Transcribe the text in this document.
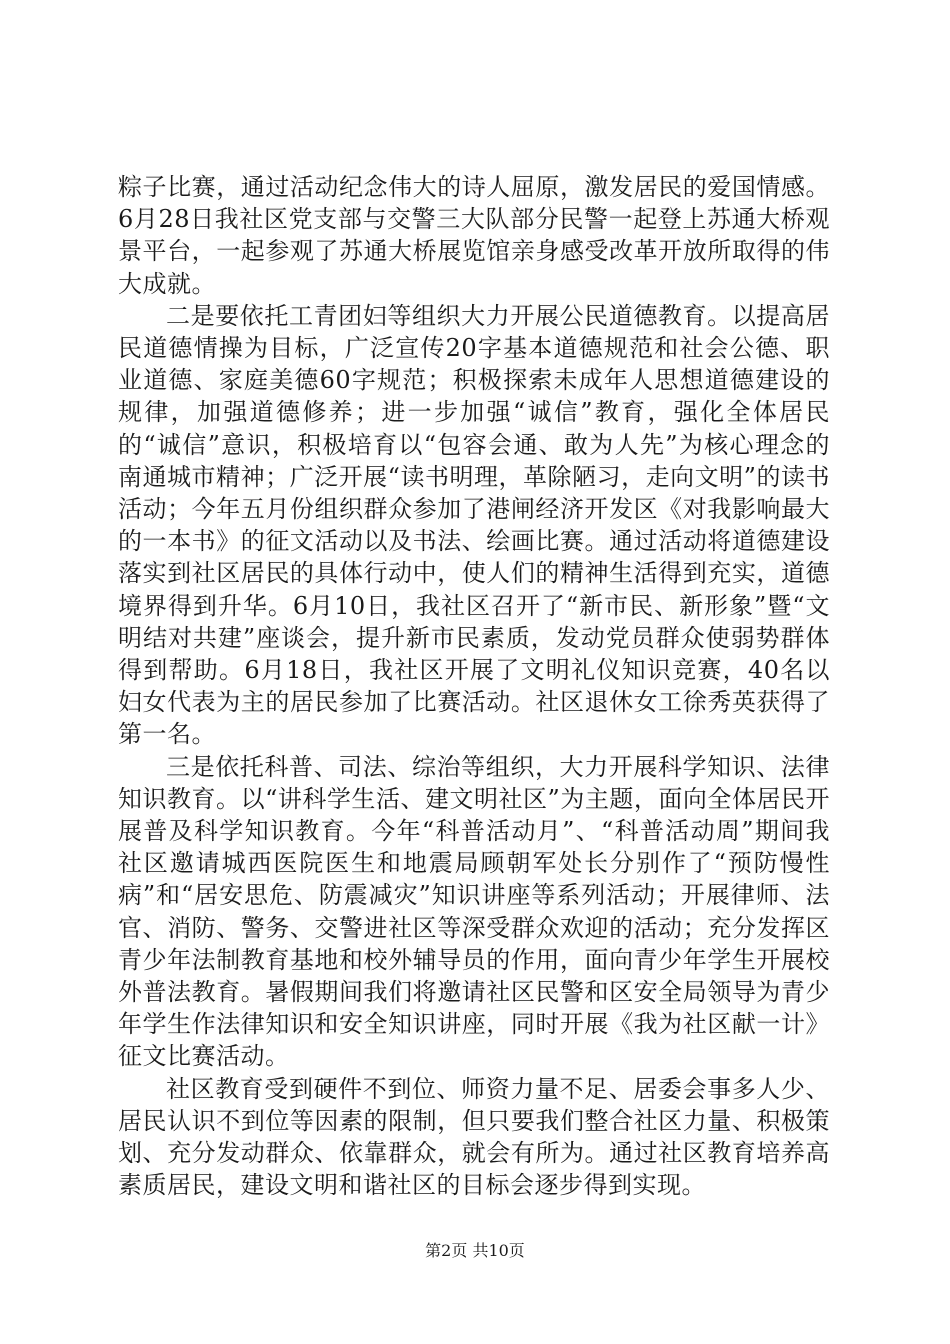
粽子比赛，通过活动纪念伟大的诗人屈原，激发居民的爱国情感。6月28日我社区党支部与交警三大队部分民警一起登上苏通大桥观景平台，一起参观了苏通大桥展览馆亲身感受改革开放所取得的伟大成就。

二是要依托工青团妇等组织大力开展公民道德教育。以提高居民道德情操为目标，广泛宣传20字基本道德规范和社会公德、职业道德、家庭美德60字规范；积极探索未成年人思想道德建设的规律，加强道德修养；进一步加强“诚信”教育，强化全体居民的“诚信”意识，积极培育以“包容会通、敢为人先”为核心理念的南通城市精神；广泛开展“读书明理，革除陋习，走向文明”的读书活动；今年五月份组织群众参加了港闸经济开发区《对我影响最大的一本书》的征文活动以及书法、绘画比赛。通过活动将道德建设落实到社区居民的具体行动中，使人们的精神生活得到充实，道德境界得到升华。6月10日，我社区召开了“新市民、新形象”暨“文明结对共建”座谈会，提升新市民素质，发动党员群众使弱势群体得到帮助。6月18日，我社区开展了文明礼仪知识竞赛，40名以妇女代表为主的居民参加了比赛活动。社区退休女工徐秀英获得了第一名。

三是依托科普、司法、综治等组织，大力开展科学知识、法律知识教育。以“讲科学生活、建文明社区”为主题，面向全体居民开展普及科学知识教育。今年“科普活动月”、“科普活动周”期间我社区邀请城西医院医生和地震局顾朝军处长分别作了“预防慢性病”和“居安思危、防震减灾”知识讲座等系列活动；开展律师、法官、消防、警务、交警进社区等深受群众欢迎的活动；充分发挥区青少年法制教育基地和校外辅导员的作用，面向青少年学生开展校外普法教育。暑假期间我们将邀请社区民警和区安全局领导为青少年学生作法律知识和安全知识讲座，同时开展《我为社区献一计》征文比赛活动。

社区教育受到硬件不到位、师资力量不足、居委会事多人少、居民认识不到位等因素的限制，但只要我们整合社区力量、积极策划、充分发动群众、依靠群众，就会有所为。通过社区教育培养高素质居民，建设文明和谐社区的目标会逐步得到实现。

第2页 共10页
